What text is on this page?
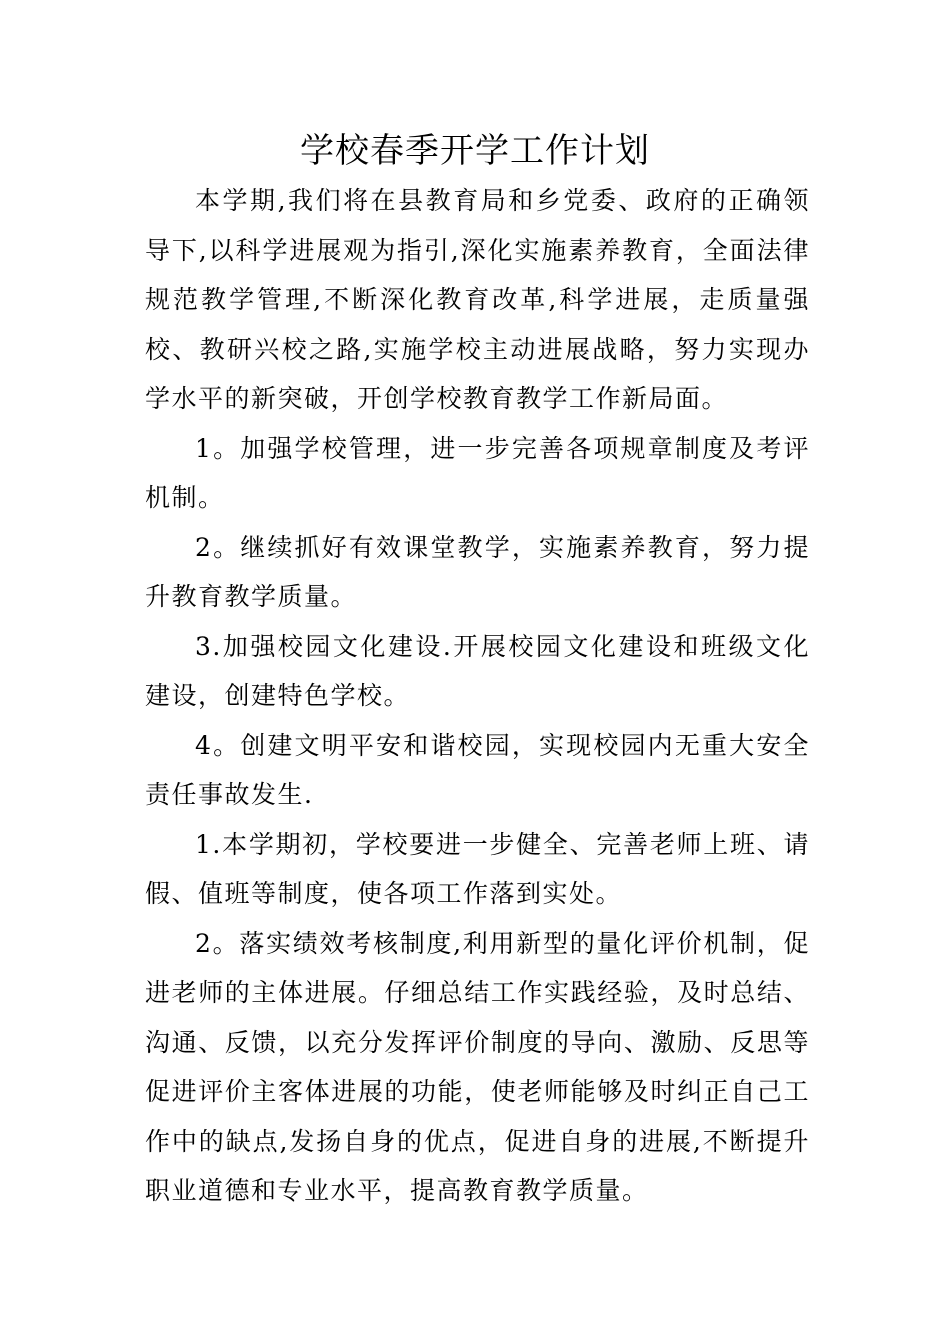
学校春季开学工作计划

本学期,我们将在县教育局和乡党委、政府的正确领导下,以科学进展观为指引,深化实施素养教育，全面法律规范教学管理,不断深化教育改革,科学进展，走质量强校、教研兴校之路,实施学校主动进展战略，努力实现办学水平的新突破，开创学校教育教学工作新局面。

1。加强学校管理，进一步完善各项规章制度及考评机制。

2。继续抓好有效课堂教学，实施素养教育，努力提升教育教学质量。

3.加强校园文化建设.开展校园文化建设和班级文化建设，创建特色学校。

4。创建文明平安和谐校园，实现校园内无重大安全责任事故发生.

1.本学期初，学校要进一步健全、完善老师上班、请假、值班等制度，使各项工作落到实处。

2。落实绩效考核制度,利用新型的量化评价机制，促进老师的主体进展。仔细总结工作实践经验，及时总结、沟通、反馈，以充分发挥评价制度的导向、激励、反思等促进评价主客体进展的功能，使老师能够及时纠正自己工作中的缺点,发扬自身的优点，促进自身的进展,不断提升职业道德和专业水平，提高教育教学质量。
